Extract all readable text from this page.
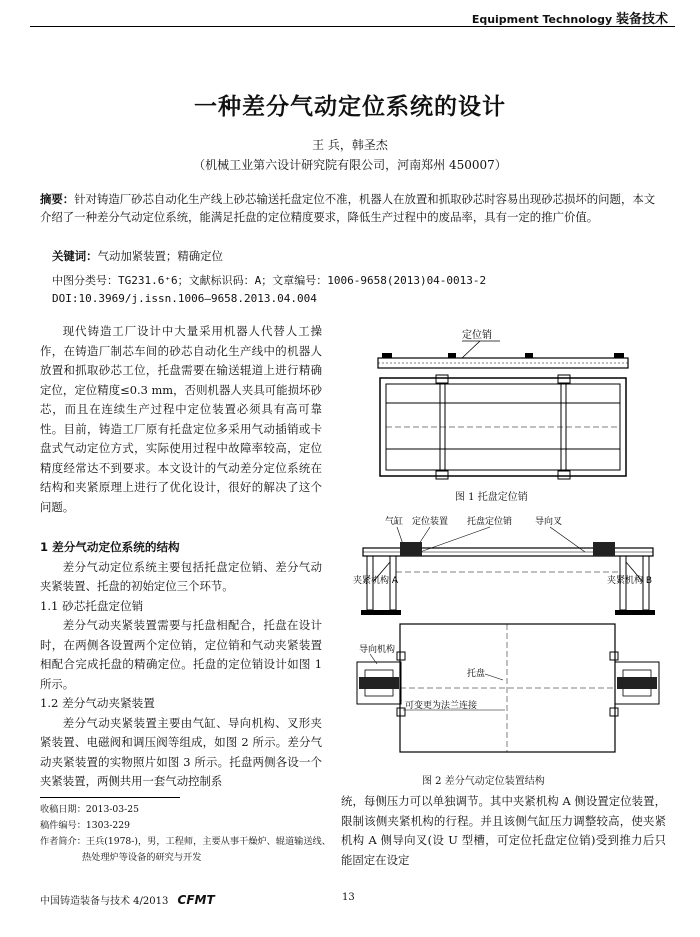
Equipment Technology 装备技术
一种差分气动定位系统的设计
王 兵，韩圣杰
（机械工业第六设计研究院有限公司，河南郑州 450007）
摘要：针对铸造厂砂芯自动化生产线上砂芯输送托盘定位不准，机器人在放置和抓取砂芯时容易出现砂芯损坏的问题，本文介绍了一种差分气动定位系统，能满足托盘的定位精度要求，降低生产过程中的废品率，具有一定的推广价值。
关键词：气动加紧装置；精确定位
中图分类号：TG231.6⁺6；文献标识码：A；文章编号：1006-9658(2013)04-0013-2
DOI:10.3969/j.issn.1006—9658.2013.04.004

现代铸造工厂设计中大量采用机器人代替人工操作，在铸造厂制芯车间的砂芯自动化生产线中的机器人放置和抓取砂芯工位，托盘需要在输送辊道上进行精确定位，定位精度≤0.3 mm，否则机器人夹具可能损坏砂芯，而且在连续生产过程中定位装置必须具有高可靠性。目前，铸造工厂原有托盘定位多采用气动插销或卡盘式气动定位方式，实际使用过程中故障率较高，定位精度经常达不到要求。本文设计的气动差分定位系统在结构和夹紧原理上进行了优化设计，很好的解决了这个问题。

1 差分气动定位系统的结构

差分气动定位系统主要包括托盘定位销、差分气动夹紧装置、托盘的初始定位三个环节。

1.1 砂芯托盘定位销

差分气动夹紧装置需要与托盘相配合，托盘在设计时，在两侧各设置两个定位销，定位销和气动夹紧装置相配合完成托盘的精确定位。托盘的定位销设计如图 1 所示。

1.2 差分气动夹紧装置

差分气动夹紧装置主要由气缸、导向机构、叉形夹紧装置、电磁阀和调压阀等组成，如图 2 所示。差分气动夹紧装置的实物照片如图 3 所示。托盘两侧各设一个夹紧装置，两侧共用一套气动控制系

收稿日期：2013-03-25
稿件编号：1303-229
作者简介：王兵(1978-)，男，工程师，主要从事干燥炉、辊道输送线、
热处理炉等设备的研究与开发
定位销
图 1 托盘定位销
气缸 定位装置 托盘定位销	导向叉
夹紧机构 A	夹紧机构 B
导向机构
托盘
可变更为法兰连接
图 2 差分气动定位装置结构
统，每侧压力可以单独调节。其中夹紧机构 A 侧设置定位装置，限制该侧夹紧机构的行程。并且该侧气缸压力调整较高，使夹紧机构 A 侧导向叉(设 U 型槽，可定位托盘定位销)受到推力后只能固定在设定
中国铸造装备与技术 4/2013 CFMT	13
